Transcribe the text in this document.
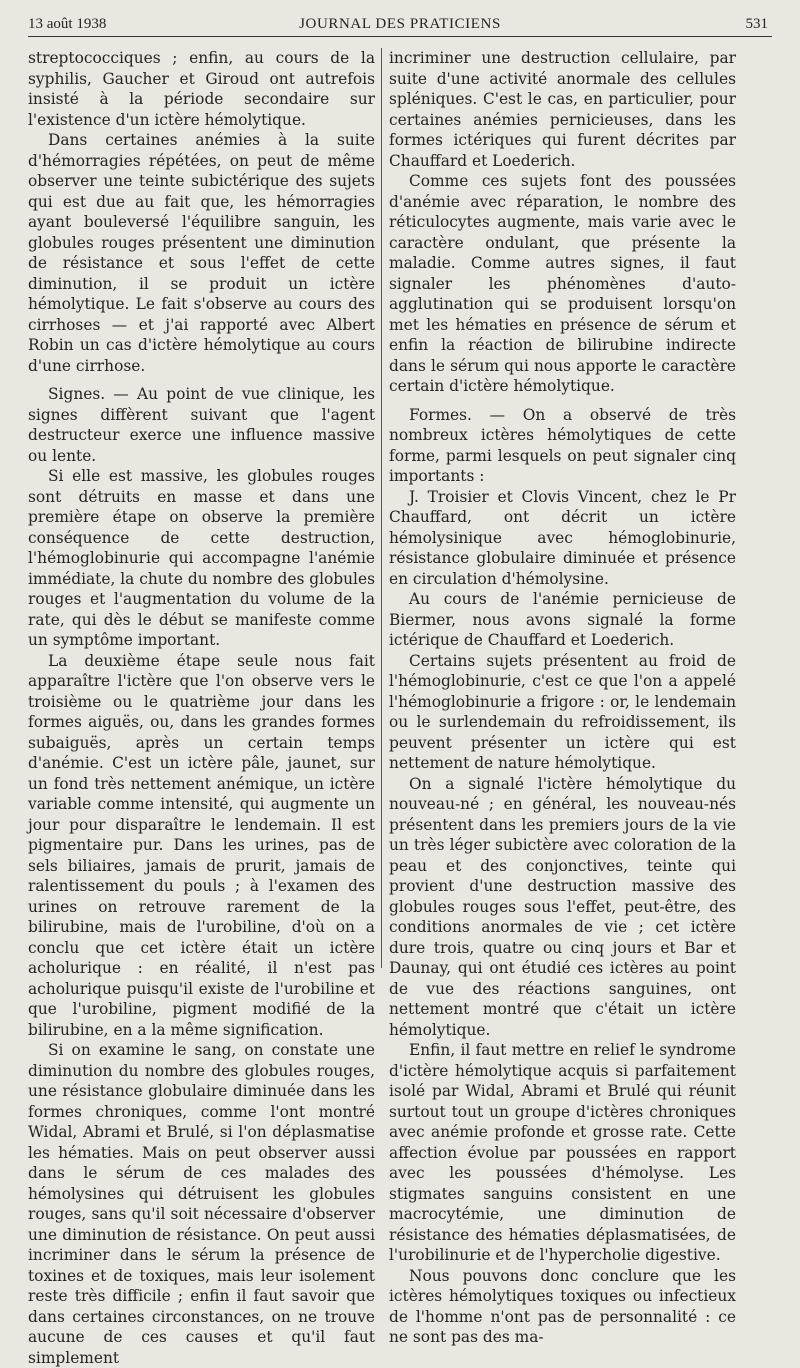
13 août 1938	JOURNAL DES PRATICIENS	531

streptococciques ; enfin, au cours de la syphilis, Gaucher et Giroud ont autrefois insisté à la période secondaire sur l'existence d'un ictère hémolytique.

Dans certaines anémies à la suite d'hémorragies répétées, on peut de même observer une teinte subictérique des sujets qui est due au fait que, les hémorragies ayant bouleversé l'équilibre sanguin, les globules rouges présentent une diminution de résistance et sous l'effet de cette diminution, il se produit un ictère hémolytique. Le fait s'observe au cours des cirrhoses — et j'ai rapporté avec Albert Robin un cas d'ictère hémolytique au cours d'une cirrhose.

Signes. — Au point de vue clinique, les signes diffèrent suivant que l'agent destructeur exerce une influence massive ou lente.

Si elle est massive, les globules rouges sont détruits en masse et dans une première étape on observe la première conséquence de cette destruction, l'hémoglobinurie qui accompagne l'anémie immédiate, la chute du nombre des globules rouges et l'augmentation du volume de la rate, qui dès le début se manifeste comme un symptôme important.

La deuxième étape seule nous fait apparaître l'ictère que l'on observe vers le troisième ou le quatrième jour dans les formes aiguës, ou, dans les grandes formes subaiguës, après un certain temps d'anémie. C'est un ictère pâle, jaunet, sur un fond très nettement anémique, un ictère variable comme intensité, qui augmente un jour pour disparaître le lendemain. Il est pigmentaire pur. Dans les urines, pas de sels biliaires, jamais de prurit, jamais de ralentissement du pouls ; à l'examen des urines on retrouve rarement de la bilirubine, mais de l'urobiline, d'où on a conclu que cet ictère était un ictère acholurique : en réalité, il n'est pas acholurique puisqu'il existe de l'urobiline et que l'urobiline, pigment modifié de la bilirubine, en a la même signification.

Si on examine le sang, on constate une diminution du nombre des globules rouges, une résistance globulaire diminuée dans les formes chroniques, comme l'ont montré Widal, Abrami et Brulé, si l'on déplasmatise les hématies. Mais on peut observer aussi dans le sérum de ces malades des hémolysines qui détruisent les globules rouges, sans qu'il soit nécessaire d'observer une diminution de résistance. On peut aussi incriminer dans le sérum la présence de toxines et de toxiques, mais leur isolement reste très difficile ; enfin il faut savoir que dans certaines circonstances, on ne trouve aucune de ces causes et qu'il faut simplement

incriminer une destruction cellulaire, par suite d'une activité anormale des cellules spléniques. C'est le cas, en particulier, pour certaines anémies pernicieuses, dans les formes ictériques qui furent décrites par Chauffard et Loederich.

Comme ces sujets font des poussées d'anémie avec réparation, le nombre des réticulocytes augmente, mais varie avec le caractère ondulant, que présente la maladie. Comme autres signes, il faut signaler les phénomènes d'auto-agglutination qui se produisent lorsqu'on met les hématies en présence de sérum et enfin la réaction de bilirubine indirecte dans le sérum qui nous apporte le caractère certain d'ictère hémolytique.

Formes. — On a observé de très nombreux ictères hémolytiques de cette forme, parmi lesquels on peut signaler cinq importants :

J. Troisier et Clovis Vincent, chez le Pr Chauffard, ont décrit un ictère hémolysinique avec hémoglobinurie, résistance globulaire diminuée et présence en circulation d'hémolysine.

Au cours de l'anémie pernicieuse de Biermer, nous avons signalé la forme ictérique de Chauffard et Loederich.

Certains sujets présentent au froid de l'hémoglobinurie, c'est ce que l'on a appelé l'hémoglobinurie a frigore : or, le lendemain ou le surlendemain du refroidissement, ils peuvent présenter un ictère qui est nettement de nature hémolytique.

On a signalé l'ictère hémolytique du nouveau-né ; en général, les nouveau-nés présentent dans les premiers jours de la vie un très léger subictère avec coloration de la peau et des conjonctives, teinte qui provient d'une destruction massive des globules rouges sous l'effet, peut-être, des conditions anormales de vie ; cet ictère dure trois, quatre ou cinq jours et Bar et Daunay, qui ont étudié ces ictères au point de vue des réactions sanguines, ont nettement montré que c'était un ictère hémolytique.

Enfin, il faut mettre en relief le syndrome d'ictère hémolytique acquis si parfaitement isolé par Widal, Abrami et Brulé qui réunit surtout tout un groupe d'ictères chroniques avec anémie profonde et grosse rate. Cette affection évolue par poussées en rapport avec les poussées d'hémolyse. Les stigmates sanguins consistent en une macrocytémie, une diminution de résistance des hématies déplasmatisées, de l'urobilinurie et de l'hypercholie digestive.

Nous pouvons donc conclure que les ictères hémolytiques toxiques ou infectieux de l'homme n'ont pas de personnalité : ce ne sont pas des ma-
